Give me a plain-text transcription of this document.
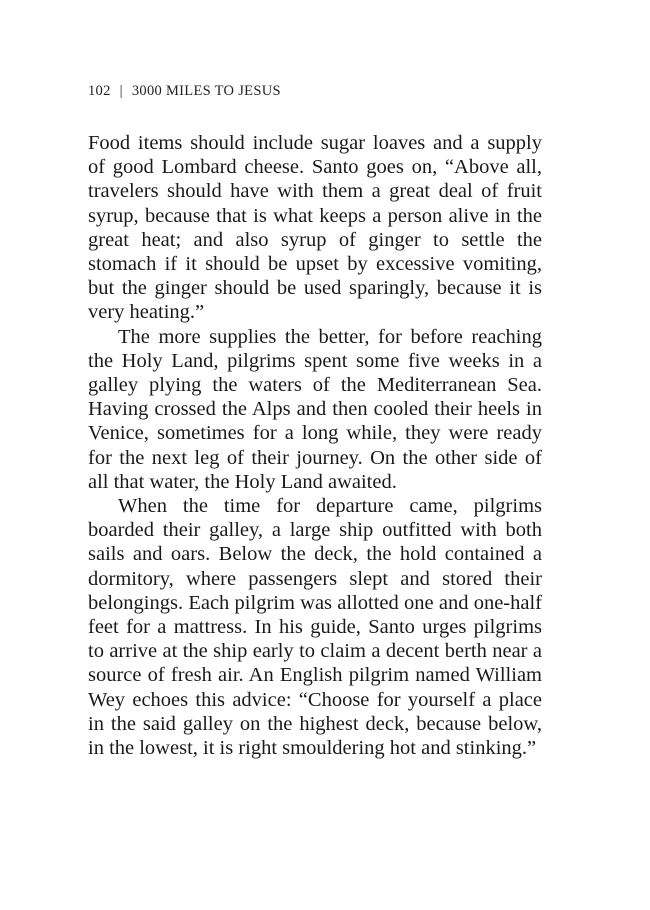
102 | 3000 MILES TO JESUS

Food items should include sugar loaves and a supply of good Lombard cheese. Santo goes on, “Above all, travelers should have with them a great deal of fruit syrup, because that is what keeps a person alive in the great heat; and also syrup of ginger to settle the stomach if it should be upset by excessive vomiting, but the ginger should be used sparingly, because it is very heating.”

The more supplies the better, for before reaching the Holy Land, pilgrims spent some five weeks in a galley plying the waters of the Mediterranean Sea. Having crossed the Alps and then cooled their heels in Venice, sometimes for a long while, they were ready for the next leg of their journey. On the other side of all that water, the Holy Land awaited.

When the time for departure came, pilgrims boarded their galley, a large ship outfitted with both sails and oars. Below the deck, the hold contained a dormitory, where passengers slept and stored their belongings. Each pilgrim was allotted one and one-half feet for a mattress. In his guide, Santo urges pilgrims to arrive at the ship early to claim a decent berth near a source of fresh air. An English pilgrim named William Wey echoes this advice: “Choose for yourself a place in the said galley on the highest deck, because below, in the lowest, it is right smouldering hot and stinking.”
